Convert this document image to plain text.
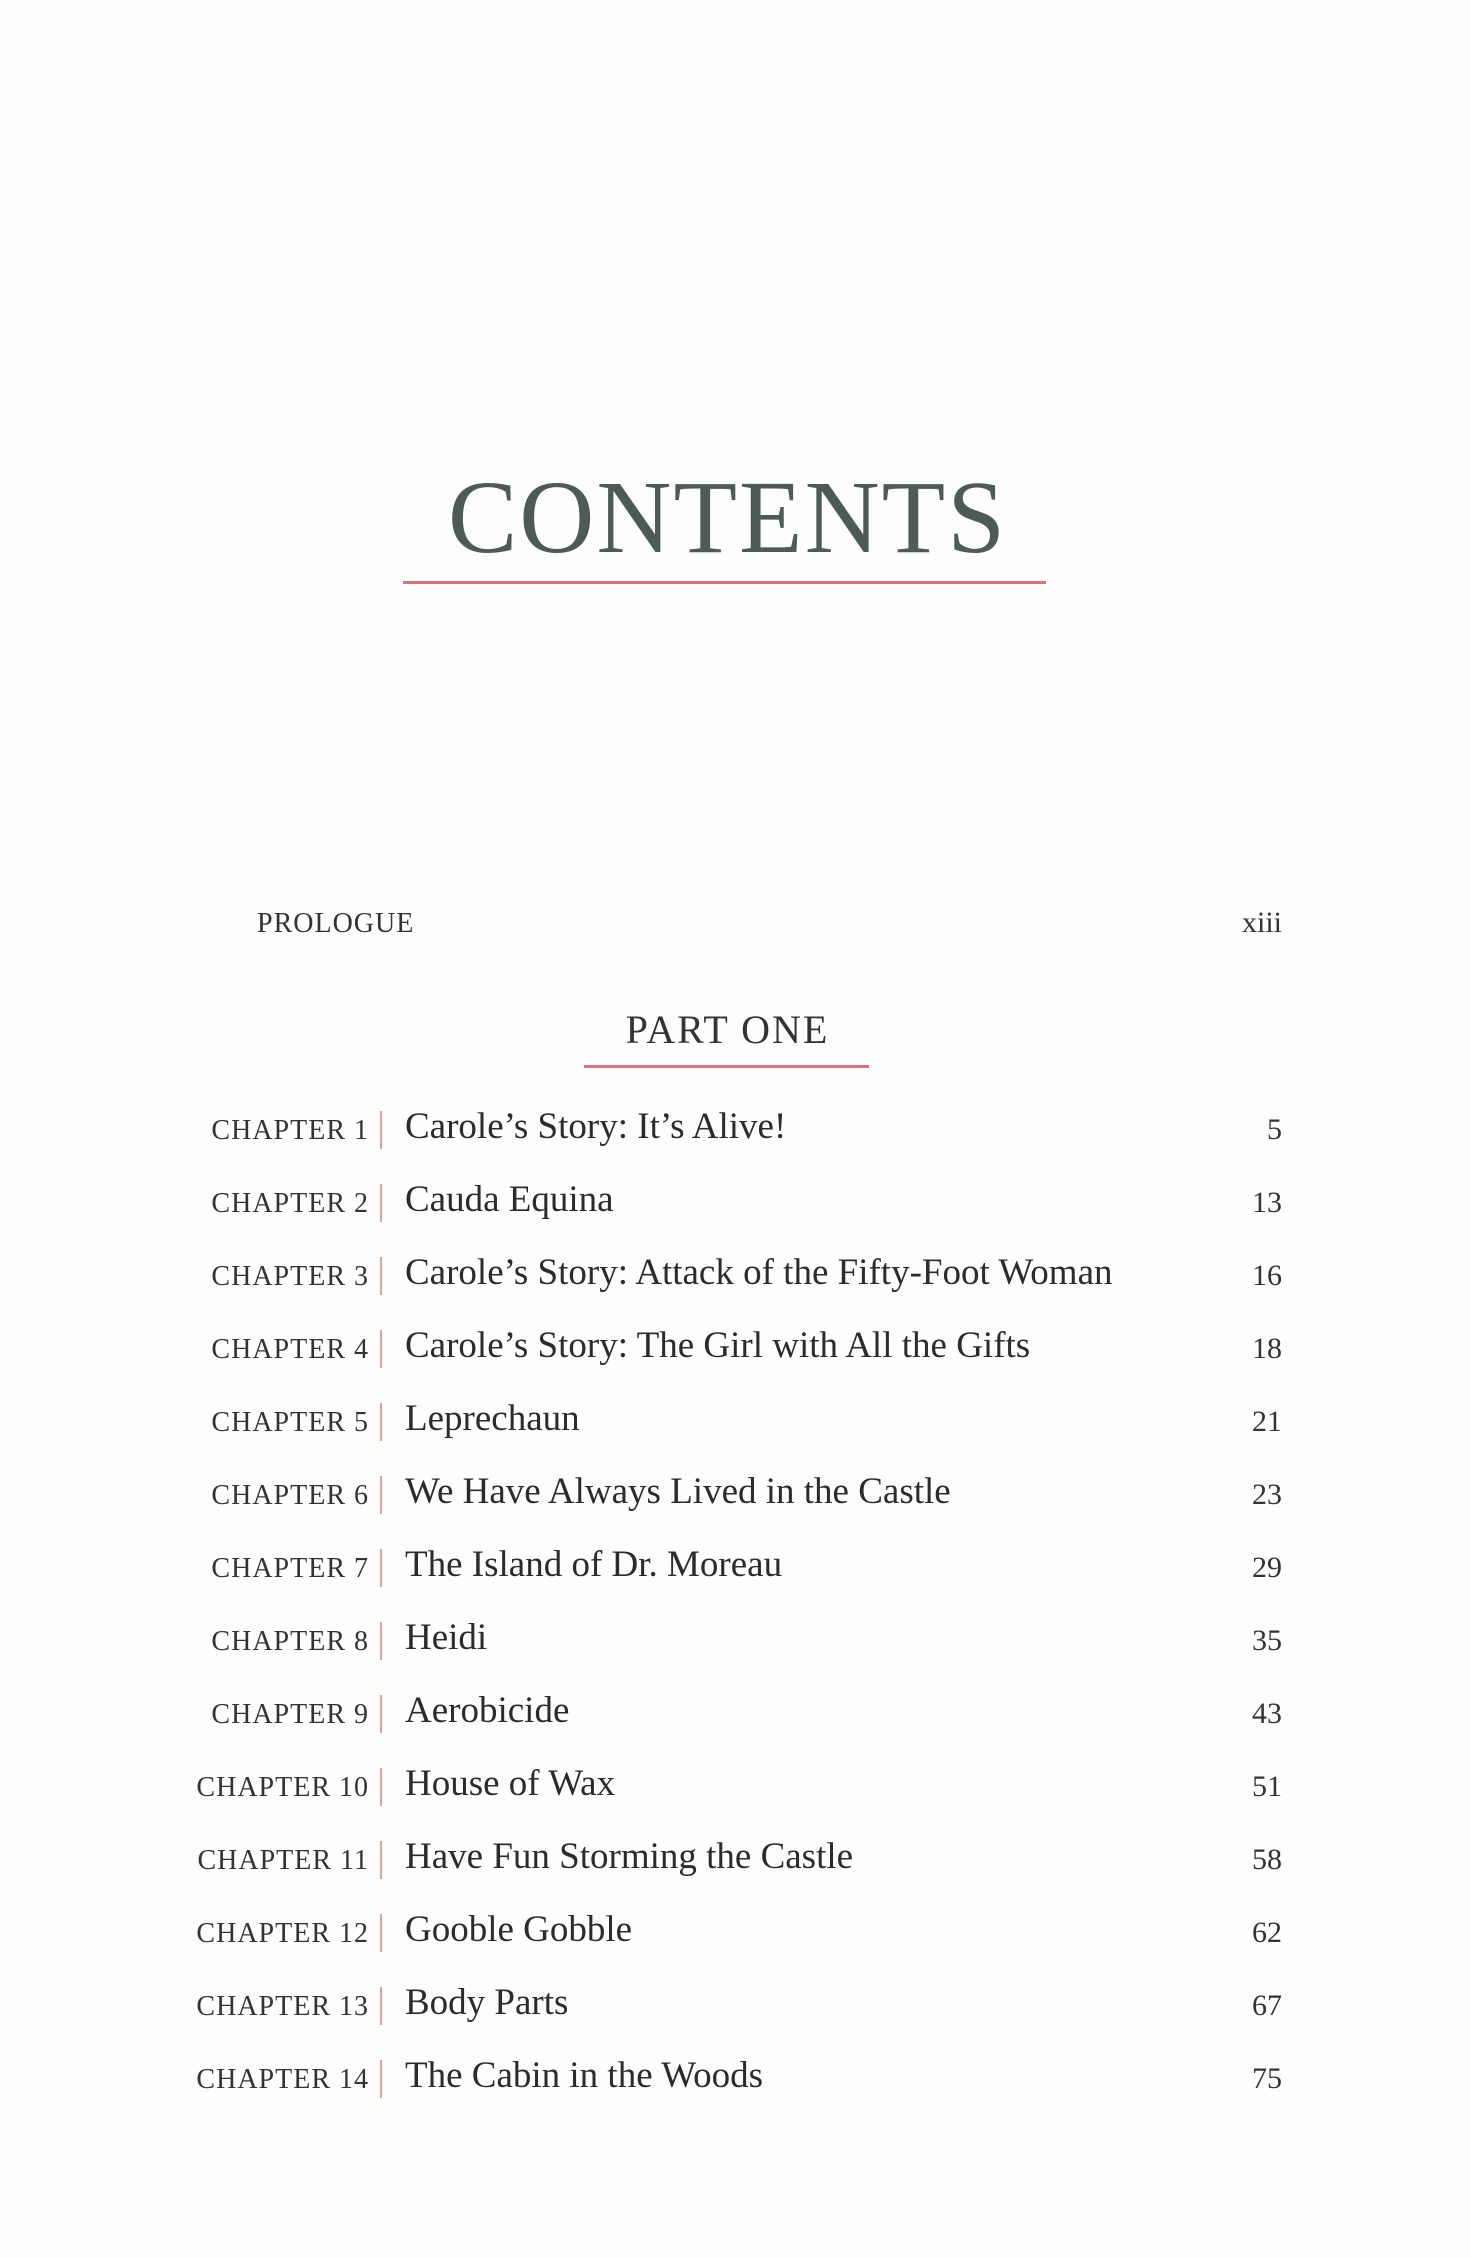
CONTENTS
PROLOGUE	xiii
PART ONE
CHAPTER 1 Carole’s Story: It’s Alive!	5
CHAPTER 2 Cauda Equina	13
CHAPTER 3 Carole’s Story: Attack of the Fifty-Foot Woman	16
CHAPTER 4 Carole’s Story: The Girl with All the Gifts	18
CHAPTER 5 Leprechaun	21
CHAPTER 6 We Have Always Lived in the Castle	23
CHAPTER 7 The Island of Dr. Moreau	29
CHAPTER 8 Heidi	35
CHAPTER 9 Aerobicide	43
CHAPTER 10 House of Wax	51
CHAPTER 11 Have Fun Storming the Castle	58
CHAPTER 12 Gooble Gobble	62
CHAPTER 13 Body Parts	67
CHAPTER 14 The Cabin in the Woods	75
